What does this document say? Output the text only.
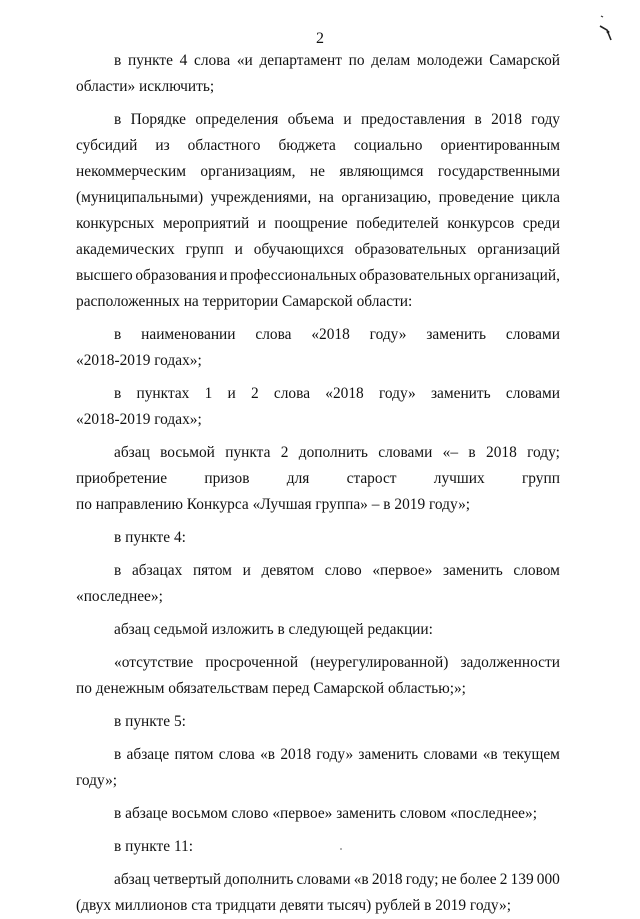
2
в пункте 4 слова «и департамент по делам молодежи Самарской
области» исключить;
в Порядке определения объема и предоставления в 2018 году
субсидий из областного бюджета социально ориентированным
некоммерческим организациям, не являющимся государственными
(муниципальными) учреждениями, на организацию, проведение цикла
конкурсных мероприятий и поощрение победителей конкурсов среди
академических групп и обучающихся образовательных организаций
высшего образования и профессиональных образовательных организаций,
расположенных на территории Самарской области:
в наименовании слова «2018 году» заменить словами
«2018-2019 годах»;
в пунктах 1 и 2 слова «2018 году» заменить словами
«2018-2019 годах»;
абзац восьмой пункта 2 дополнить словами «– в 2018 году;
приобретение призов для старост лучших групп
по направлению Конкурса «Лучшая группа» – в 2019 году»;
в пункте 4:
в абзацах пятом и девятом слово «первое» заменить словом
«последнее»;
абзац седьмой изложить в следующей редакции:
«отсутствие просроченной (неурегулированной) задолженности
по денежным обязательствам перед Самарской областью;»;
в пункте 5:
в абзаце пятом слова «в 2018 году» заменить словами «в текущем
году»;
в абзаце восьмом слово «первое» заменить словом «последнее»;
в пункте 11:
абзац четвертый дополнить словами «в 2018 году; не более 2 139 000
(двух миллионов ста тридцати девяти тысяч) рублей в 2019 году»;
